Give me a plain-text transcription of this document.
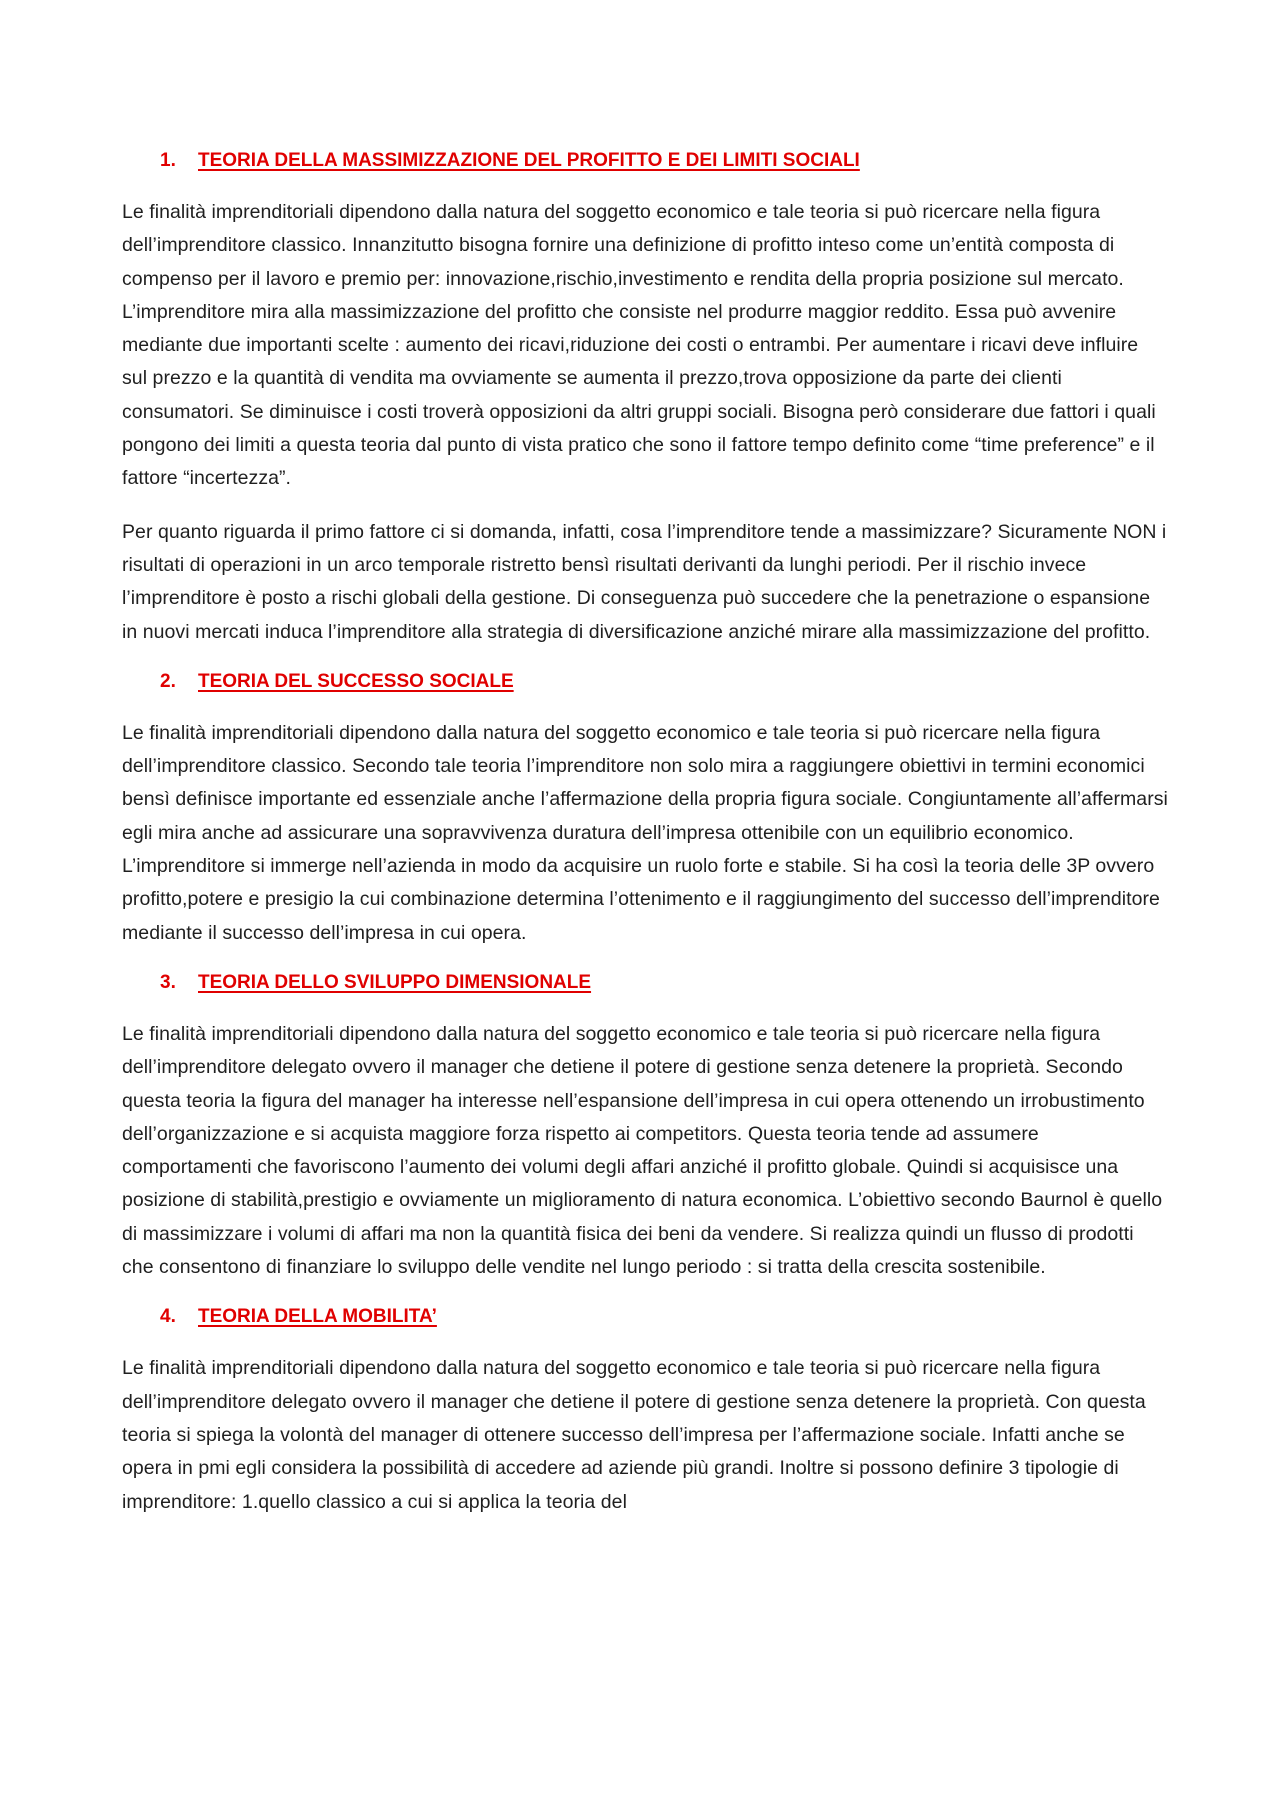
1.	TEORIA DELLA MASSIMIZZAZIONE DEL PROFITTO E DEI LIMITI SOCIALI

Le finalità imprenditoriali dipendono dalla natura del soggetto economico e tale teoria si può ricercare nella figura dell’imprenditore classico. Innanzitutto bisogna fornire una definizione di profitto inteso come un’entità composta di compenso per il lavoro e premio per: innovazione,rischio,investimento e rendita della propria posizione sul mercato. L’imprenditore mira alla massimizzazione del profitto che consiste nel produrre maggior reddito. Essa può avvenire mediante due importanti scelte : aumento dei ricavi,riduzione dei costi o entrambi. Per aumentare i ricavi deve influire sul prezzo e la quantità di vendita ma ovviamente se aumenta il prezzo,trova opposizione da parte dei clienti consumatori. Se diminuisce i costi troverà opposizioni da altri gruppi sociali. Bisogna però considerare due fattori i quali pongono dei limiti a questa teoria dal punto di vista pratico che sono il fattore tempo definito come “time preference” e il fattore “incertezza”.

Per quanto riguarda il primo fattore ci si domanda, infatti, cosa l’imprenditore tende a massimizzare? Sicuramente NON i risultati di operazioni in un arco temporale ristretto bensì risultati derivanti da lunghi periodi. Per il rischio invece l’imprenditore è posto a rischi globali della gestione. Di conseguenza può succedere che la penetrazione o espansione in nuovi mercati induca l’imprenditore alla strategia di diversificazione anziché mirare alla massimizzazione del profitto.

2.	TEORIA DEL SUCCESSO SOCIALE

Le finalità imprenditoriali dipendono dalla natura del soggetto economico e tale teoria si può ricercare nella figura dell’imprenditore classico. Secondo tale teoria l’imprenditore non solo mira a raggiungere obiettivi in termini economici bensì definisce importante ed essenziale anche l’affermazione della propria figura sociale. Congiuntamente all’affermarsi egli mira anche ad assicurare una sopravvivenza duratura dell’impresa ottenibile con un equilibrio economico. L’imprenditore si immerge nell’azienda in modo da acquisire un ruolo forte e stabile. Si ha così la teoria delle 3P ovvero profitto,potere e presigio la cui combinazione determina l’ottenimento e il raggiungimento del successo dell’imprenditore mediante il successo dell’impresa in cui opera.

3.	TEORIA DELLO SVILUPPO DIMENSIONALE

Le finalità imprenditoriali dipendono dalla natura del soggetto economico e tale teoria si può ricercare nella figura dell’imprenditore delegato ovvero il manager che detiene il potere di gestione senza detenere la proprietà. Secondo questa teoria la figura del manager ha interesse nell’espansione dell’impresa in cui opera ottenendo un irrobustimento dell’organizzazione e si acquista maggiore forza rispetto ai competitors. Questa teoria tende ad assumere comportamenti che favoriscono l’aumento dei volumi degli affari anziché il profitto globale. Quindi si acquisisce una posizione di stabilità,prestigio e ovviamente un miglioramento di natura economica. L’obiettivo secondo Baurnol è quello di massimizzare i volumi di affari ma non la quantità fisica dei beni da vendere. Si realizza quindi un flusso di prodotti che consentono di finanziare lo sviluppo delle vendite nel lungo periodo : si tratta della crescita sostenibile.

4.	TEORIA DELLA MOBILITA’

Le finalità imprenditoriali dipendono dalla natura del soggetto economico e tale teoria si può ricercare nella figura dell’imprenditore delegato ovvero il manager che detiene il potere di gestione senza detenere la proprietà. Con questa teoria si spiega la volontà del manager di ottenere successo dell’impresa per l’affermazione sociale. Infatti anche se opera in pmi egli considera la possibilità di accedere ad aziende più grandi. Inoltre si possono definire 3 tipologie di imprenditore: 1.quello classico a cui si applica la teoria del
